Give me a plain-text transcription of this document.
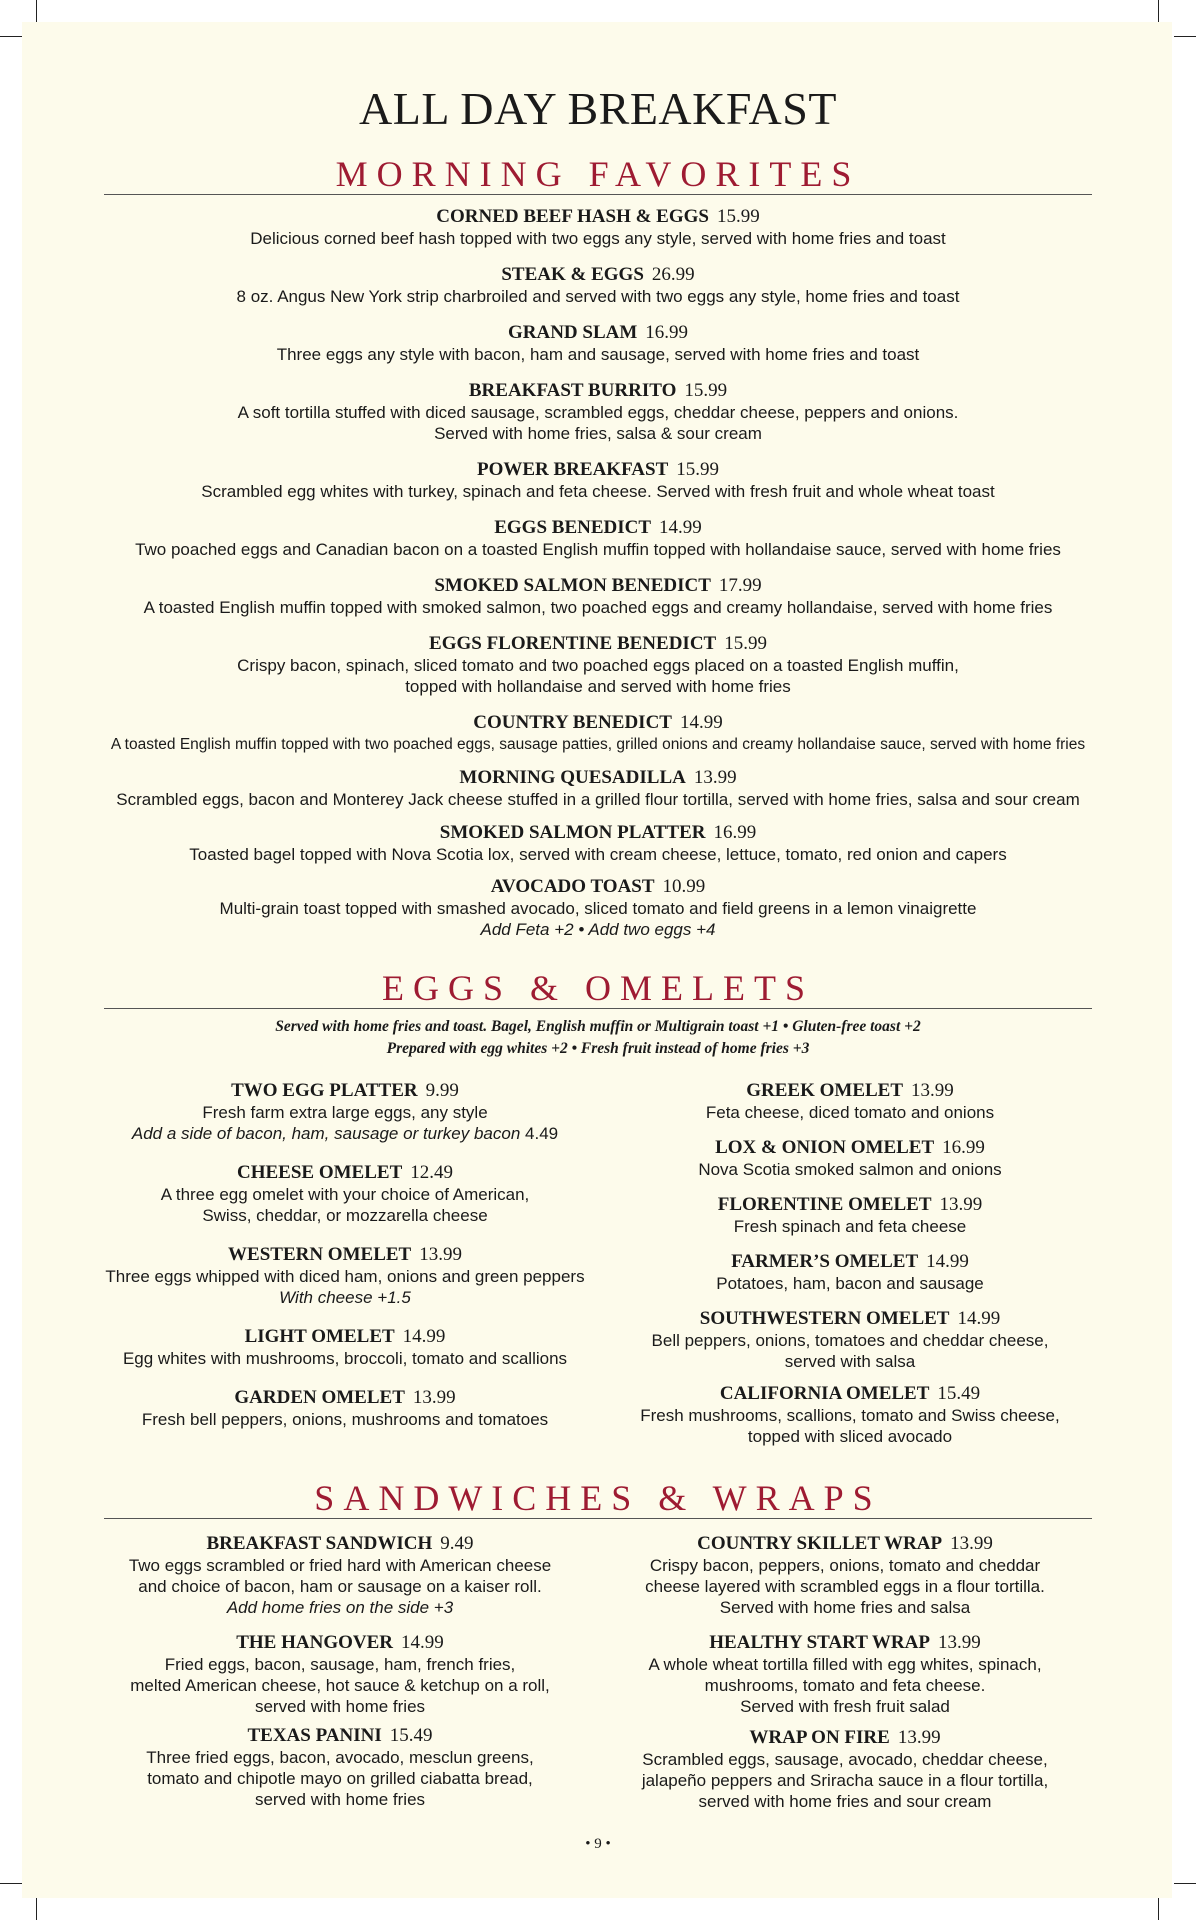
ALL DAY BREAKFAST
MORNING FAVORITES
CORNED BEEF HASH & EGGS 15.99
Delicious corned beef hash topped with two eggs any style, served with home fries and toast
STEAK & EGGS 26.99
8 oz. Angus New York strip charbroiled and served with two eggs any style, home fries and toast
GRAND SLAM 16.99
Three eggs any style with bacon, ham and sausage, served with home fries and toast
BREAKFAST BURRITO 15.99
A soft tortilla stuffed with diced sausage, scrambled eggs, cheddar cheese, peppers and onions.
Served with home fries, salsa & sour cream
POWER BREAKFAST 15.99
Scrambled egg whites with turkey, spinach and feta cheese. Served with fresh fruit and whole wheat toast
EGGS BENEDICT 14.99
Two poached eggs and Canadian bacon on a toasted English muffin topped with hollandaise sauce, served with home fries
SMOKED SALMON BENEDICT 17.99
A toasted English muffin topped with smoked salmon, two poached eggs and creamy hollandaise, served with home fries
EGGS FLORENTINE BENEDICT 15.99
Crispy bacon, spinach, sliced tomato and two poached eggs placed on a toasted English muffin,
topped with hollandaise and served with home fries
COUNTRY BENEDICT 14.99
A toasted English muffin topped with two poached eggs, sausage patties, grilled onions and creamy hollandaise sauce, served with home fries
MORNING QUESADILLA 13.99
Scrambled eggs, bacon and Monterey Jack cheese stuffed in a grilled flour tortilla, served with home fries, salsa and sour cream
SMOKED SALMON PLATTER 16.99
Toasted bagel topped with Nova Scotia lox, served with cream cheese, lettuce, tomato, red onion and capers
AVOCADO TOAST 10.99
Multi-grain toast topped with smashed avocado, sliced tomato and field greens in a lemon vinaigrette
Add Feta +2 • Add two eggs +4
EGGS & OMELETS
Served with home fries and toast. Bagel, English muffin or Multigrain toast +1 • Gluten-free toast +2
Prepared with egg whites +2 • Fresh fruit instead of home fries +3
TWO EGG PLATTER 9.99
Fresh farm extra large eggs, any style
Add a side of bacon, ham, sausage or turkey bacon 4.49
CHEESE OMELET 12.49
A three egg omelet with your choice of American,
Swiss, cheddar, or mozzarella cheese
WESTERN OMELET 13.99
Three eggs whipped with diced ham, onions and green peppers
With cheese +1.5
LIGHT OMELET 14.99
Egg whites with mushrooms, broccoli, tomato and scallions
GARDEN OMELET 13.99
Fresh bell peppers, onions, mushrooms and tomatoes
GREEK OMELET 13.99
Feta cheese, diced tomato and onions
LOX & ONION OMELET 16.99
Nova Scotia smoked salmon and onions
FLORENTINE OMELET 13.99
Fresh spinach and feta cheese
FARMER’S OMELET 14.99
Potatoes, ham, bacon and sausage
SOUTHWESTERN OMELET 14.99
Bell peppers, onions, tomatoes and cheddar cheese,
served with salsa
CALIFORNIA OMELET 15.49
Fresh mushrooms, scallions, tomato and Swiss cheese,
topped with sliced avocado
SANDWICHES & WRAPS
BREAKFAST SANDWICH 9.49
Two eggs scrambled or fried hard with American cheese
and choice of bacon, ham or sausage on a kaiser roll.
Add home fries on the side +3
THE HANGOVER 14.99
Fried eggs, bacon, sausage, ham, french fries,
melted American cheese, hot sauce & ketchup on a roll,
served with home fries
TEXAS PANINI 15.49
Three fried eggs, bacon, avocado, mesclun greens,
tomato and chipotle mayo on grilled ciabatta bread,
served with home fries
COUNTRY SKILLET WRAP 13.99
Crispy bacon, peppers, onions, tomato and cheddar
cheese layered with scrambled eggs in a flour tortilla.
Served with home fries and salsa
HEALTHY START WRAP 13.99
A whole wheat tortilla filled with egg whites, spinach,
mushrooms, tomato and feta cheese.
Served with fresh fruit salad
WRAP ON FIRE 13.99
Scrambled eggs, sausage, avocado, cheddar cheese,
jalapeño peppers and Sriracha sauce in a flour tortilla,
served with home fries and sour cream
• 9 •
